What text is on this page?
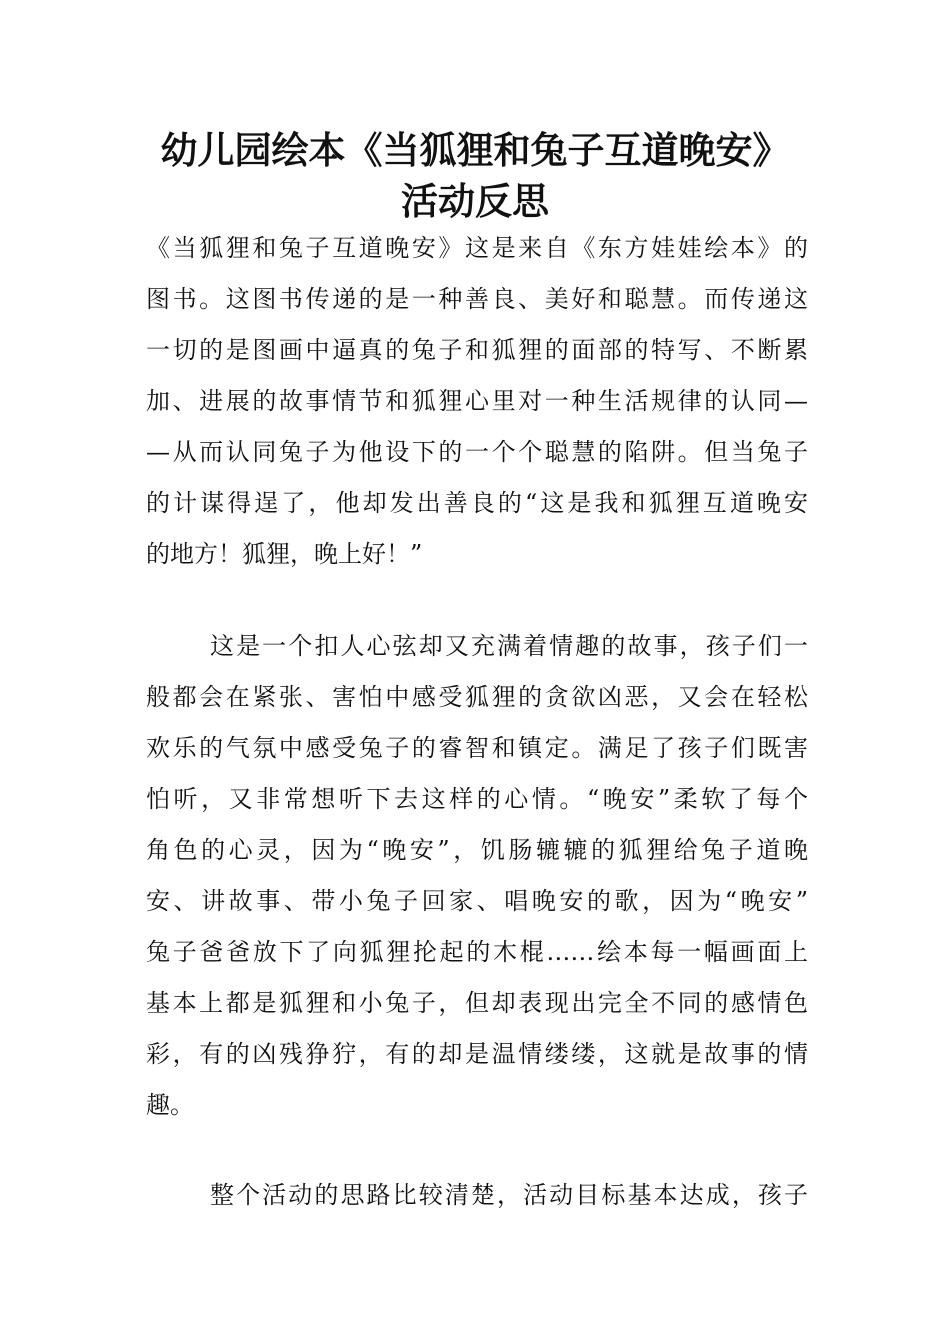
幼儿园绘本《当狐狸和兔子互道晚安》
活动反思
《当狐狸和兔子互道晚安》这是来自《东方娃娃绘本》的
图书。这图书传递的是一种善良、美好和聪慧。而传递这
一切的是图画中逼真的兔子和狐狸的面部的特写、不断累
加、进展的故事情节和狐狸心里对一种生活规律的认同—
—从而认同兔子为他设下的一个个聪慧的陷阱。但当兔子
的计谋得逞了，他却发出善良的“这是我和狐狸互道晚安
的地方！狐狸，晚上好！”
这是一个扣人心弦却又充满着情趣的故事，孩子们一
般都会在紧张、害怕中感受狐狸的贪欲凶恶，又会在轻松
欢乐的气氛中感受兔子的睿智和镇定。满足了孩子们既害
怕听，又非常想听下去这样的心情。“晚安”柔软了每个
角色的心灵，因为“晚安”，饥肠辘辘的狐狸给兔子道晚
安、讲故事、带小兔子回家、唱晚安的歌，因为“晚安”
兔子爸爸放下了向狐狸抡起的木棍……绘本每一幅画面上
基本上都是狐狸和小兔子，但却表现出完全不同的感情色
彩，有的凶残狰狞，有的却是温情缕缕，这就是故事的情
趣。
整个活动的思路比较清楚，活动目标基本达成，孩子
